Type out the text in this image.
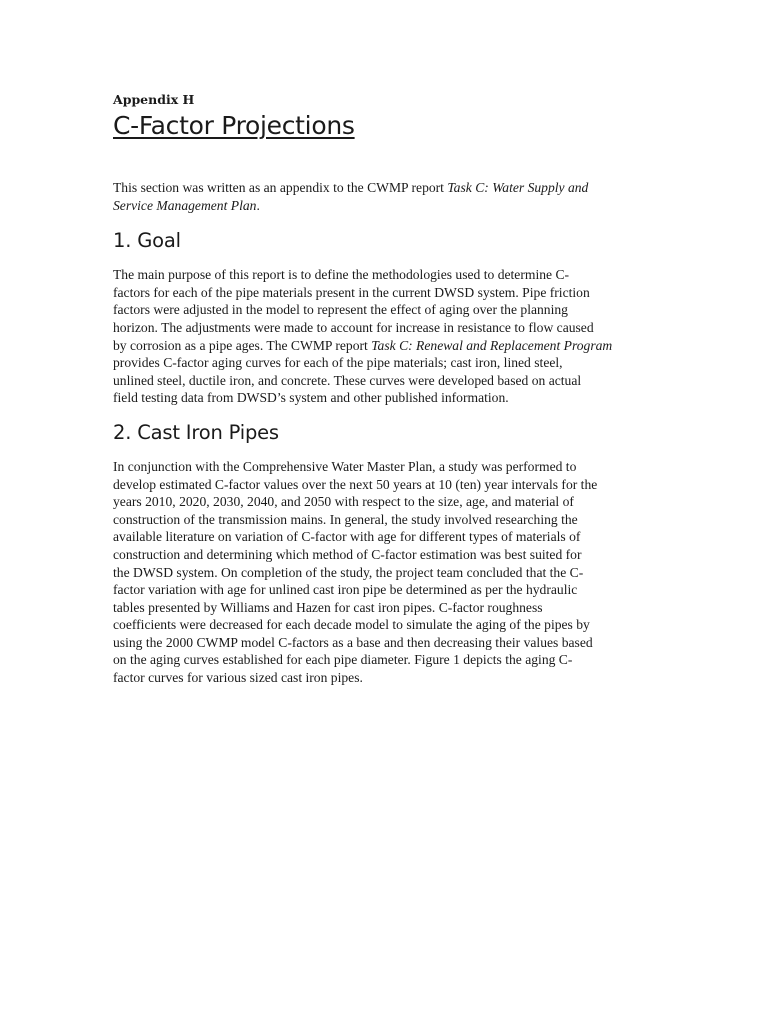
Appendix H

C-Factor Projections

This section was written as an appendix to the CWMP report Task C: Water Supply and
Service Management Plan.

1. Goal

The main purpose of this report is to define the methodologies used to determine C-
factors for each of the pipe materials present in the current DWSD system. Pipe friction
factors were adjusted in the model to represent the effect of aging over the planning
horizon. The adjustments were made to account for increase in resistance to flow caused
by corrosion as a pipe ages. The CWMP report Task C: Renewal and Replacement Program
provides C-factor aging curves for each of the pipe materials; cast iron, lined steel,
unlined steel, ductile iron, and concrete. These curves were developed based on actual
field testing data from DWSD’s system and other published information.

2. Cast Iron Pipes

In conjunction with the Comprehensive Water Master Plan, a study was performed to
develop estimated C-factor values over the next 50 years at 10 (ten) year intervals for the
years 2010, 2020, 2030, 2040, and 2050 with respect to the size, age, and material of
construction of the transmission mains. In general, the study involved researching the
available literature on variation of C-factor with age for different types of materials of
construction and determining which method of C-factor estimation was best suited for
the DWSD system. On completion of the study, the project team concluded that the C-
factor variation with age for unlined cast iron pipe be determined as per the hydraulic
tables presented by Williams and Hazen for cast iron pipes. C-factor roughness
coefficients were decreased for each decade model to simulate the aging of the pipes by
using the 2000 CWMP model C-factors as a base and then decreasing their values based
on the aging curves established for each pipe diameter. Figure 1 depicts the aging C-
factor curves for various sized cast iron pipes.
